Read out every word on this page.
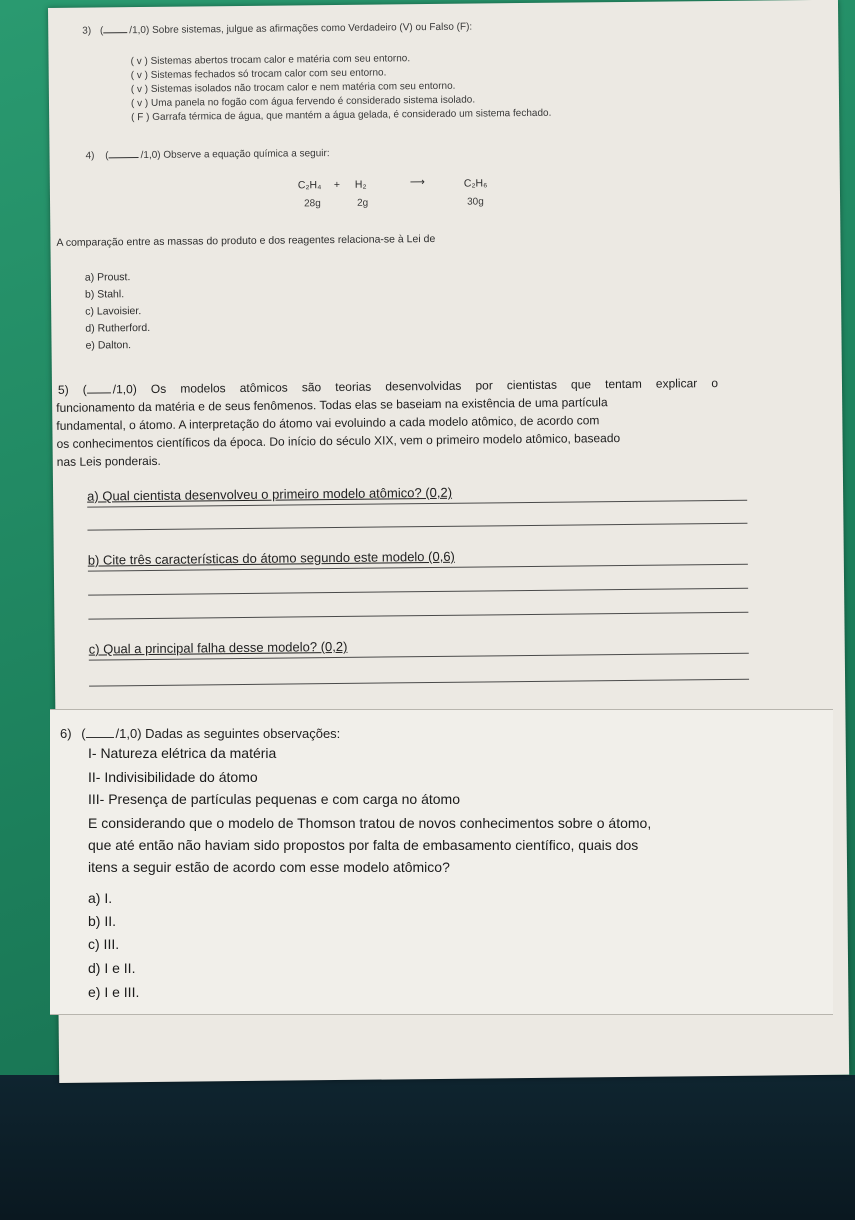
3) (	/1,0) Sobre sistemas, julgue as afirmações como Verdadeiro (V) ou Falso (F):
( v ) Sistemas abertos trocam calor e matéria com seu entorno.
( v ) Sistemas fechados só trocam calor com seu entorno.
( v ) Sistemas isolados não trocam calor e nem matéria com seu entorno.
( v ) Uma panela no fogão com água fervendo é considerado sistema isolado.
( F ) Garrafa térmica de água, que mantém a água gelada, é considerado um sistema fechado.
4) (	/1,0) Observe a equação química a seguir:
C₂H₄ + H₂	⟶	C₂H₆
28g	2g	30g
A comparação entre as massas do produto e dos reagentes relaciona-se à Lei de
a) Proust.
b) Stahl.
c) Lavoisier.
d) Rutherford.
e) Dalton.
5) ( /1,0) Os modelos atômicos são teorias desenvolvidas por cientistas que tentam explicar o
funcionamento da matéria e de seus fenômenos. Todas elas se baseiam na existência de uma partícula
fundamental, o átomo. A interpretação do átomo vai evoluindo a cada modelo atômico, de acordo com
os conhecimentos científicos da época. Do início do século XIX, vem o primeiro modelo atômico, baseado
nas Leis ponderais.
a) Qual cientista desenvolveu o primeiro modelo atômico? (0,2)
b) Cite três características do átomo segundo este modelo (0,6)
c) Qual a principal falha desse modelo? (0,2)
6) ( /1,0) Dadas as seguintes observações:
I- Natureza elétrica da matéria
II- Indivisibilidade do átomo
III- Presença de partículas pequenas e com carga no átomo
E considerando que o modelo de Thomson tratou de novos conhecimentos sobre o átomo,
que até então não haviam sido propostos por falta de embasamento científico, quais dos
itens a seguir estão de acordo com esse modelo atômico?
a) I.
b) II.
c) III.
d) I e II.
e) I e III.
